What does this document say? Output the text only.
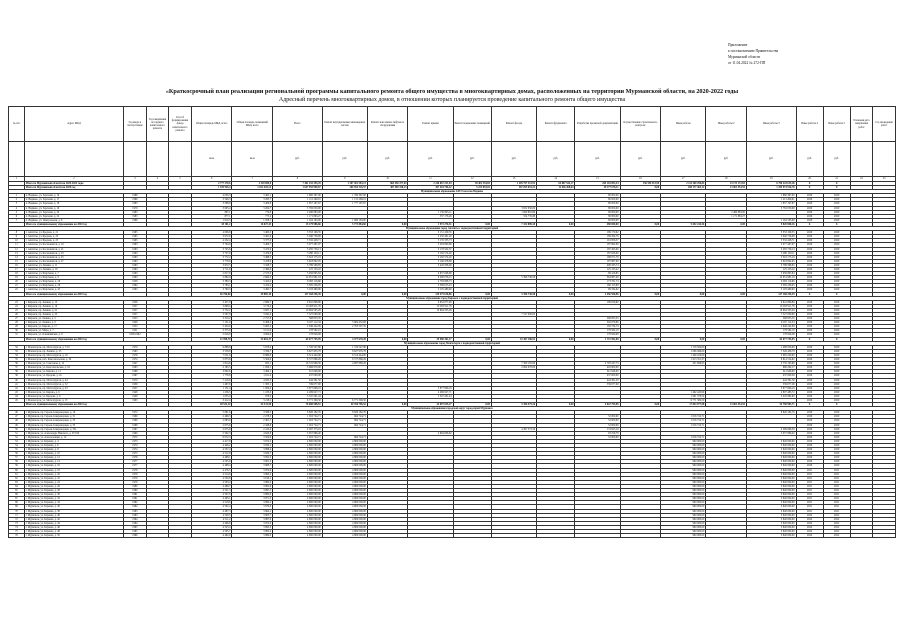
Приложение
к постановлению Правительства
Мурманской области
от 11.04.2022 № 272-ПП
«Краткосрочный план реализации региональной программы капитального ремонта общего имущества в многоквартирных домах, расположенных на территории Мурманской области, на 2020-2022 годы
Адресный перечень многоквартирных домов, в отношении которых планируется проведение капитального ремонта общего имущества
№ п/п	Адрес МКД	Год ввода в эксплуатацию	Год завершения последнего капитального ремонта	Способ формирования фонда капитального ремонта	Общая площадь МКД, всего	Общая площадь помещений МКД, всего	Всего	Ремонт внутридомовых инженерных систем	Ремонт или замена лифтового оборудования	Ремонт крыши	Ремонт подвальных помещений	Ремонт фасада	Ремонт фундамента	Разработка проектной документации	Осуществление строительного контроля	Иные работы	Иные работы 2	Иные работы 3	Иные работы 4	Иные работы 5	Плановая дата завершения работ	Год проведения работ
					кв.м	кв.м	руб.	руб.	руб.	руб.	руб.	руб.	руб.	руб.	руб.	руб.	руб.	руб.	руб.	руб.		
1	2	3	4	5	6	7	8	9	10	11	12	13	14	15	16	17	18	19	20	21	22	23
	Итого по Мурманской области на 2020-2022 годы				2 777 270,6	2 349 699,0	7 461 432 355,45	1 207 401 383,13	865 456 477,04	2 246 667 231,03	38 401 554,83	1 205 797 313,91	64 867 542,17	265 163 853,34	156 550 913,99	2 114 200 296,84	23 173 172,83	6 790 243 615,46	X	X		
	Итого по Мурманской области на 2020 год				1 109 926,4	1 022 418,14	1 647 955 990,67	266 954 316,57	487 580 358,13	457 404 796,42	5 223 853,02	267 055 691,22	12 046 268,64	29 277 076,11	0,00	208 177 465,12	13 061 554,55	1 205 974 916,76	X	X		
Муниципальное образование ЗАТО поселок Видяево																						
1	п. Видяево, ул. Заречная, д. 16	1988			4 030,3	3 465,1	1 860 367,00	1 780 367,00						80 000,00				1 860 367,00	2020	2020		
2	п. Видяево, ул. Заречная, д. 17	1986			3 546,3	3 285,7	1 211 269,01	1 131 269,01						80 000,00				1 211 269,01	2020	2020		
3	п. Видяево, ул. Заречная, д. 18	1983			3 588,9	3 406,8	1 857 197,67	1 777 197,67						80 000,00				1 857 197,67	2020	2020		
4	п. Видяево, ул. Заречная, д. 19	1979			3 605,4	3 264,7	3 782 050,00					3 652 050,00		80 000,00				3 782 050,00	2020	2020		
5	п. Видяево, ул. Заречная, д. 20	1983			867,1	776,8	2 480 883,00			1 150 995,11		1 669 881,89		80 000,00			2 480 883,00		2020	2020		
6	п. Видяево, ул. Заречная, д. 22	1983			877,1	775,2	1 171 863,27			537 176,26		554 735,88		80 000,00			1 171 863,27		2020	2020		
7	п. Видяево, ул. Центральная, д. 8	1986			1 610,3	1 058,1	1 164 163,00	1 080 163,00						80 000,00				1 164 163,00	2020	2020		
	Итого по муниципальному образованию на 2020 год				18 101,2	16 027,43	15 179 986,66	5 773 884,60	0,00	1 972 276,31	0,00	7 332 889,18	0,00	480 000,00	0,00	5 652 244,56	0,00	9 820 800,16	X	X		
Муниципальное образование город Апатиты с подведомственной территорией																						
8	г. Апатиты, ул. Бредова, д. 21	1965			4 006,8	3 460,3	3 353 109,35			3 151 109,35				199 170,62				3 353 109,35	2020	2020		
9	г. Апатиты, ул. Бредова, д. 23	1965			3 972,9	3 461,9	3 040 756,08			2 250 461,20				189 294,76				3 040 756,08	2020	2020		
10	г. Апатиты, ул. Бредова, д. 25	1965			4 232,4	3 377,0	3 332 428,71			3 135 335,73				191 856,57				3 332 428,71	2020	2020		
11	г. Апатиты, ул. Космонавтов, д. 19	1963			3 704,6	3 406,7	3 077 467,07			3 293 800,66				187 862,09				3 077 467,07	2020	2020		
12	г. Апатиты, ул. Космонавтов, д. 21	1963			3 745,6	3 475,9	3 285 756,13			3 178 502,57				187 263,00				3 285 756,13	2020	2020		
13	г. Апатиты, ул. Космонавтов, д. 23	1963			3 737,9	3 476,8	3 280 130,11			3 182 574,20				187 626,00				3 280 130,11	2020	2020		
14	г. Апатиты, ул. Космонавтов, д. 25	1963			3 772,2	3 488,5	3 318 175,19			3 182 574,20				188 071,79				3 318 175,19	2020	2020		
15	г. Апатиты, ул. Космонавтов, д. 27	1963			3 778,9	3 478,6	3 918 802,05			3 106 478,88				187 987,00				3 918 802,05	2020	2020		
16	г. Апатиты, ул. Ленина, д. 11	1963			3 672,5	3 328,7	3 789 598,95			3 420 008,09				408 433,74				3 789 598,95	2020	2020		
17	г. Апатиты, ул. Ленина, д. 19	1963			2 711,8	2 499,0	125 153,22							125 153,22				125 153,22	2020	2020		
18	г. Апатиты, ул. Ферсмана, д. 7	1963			2 817,6	2 573,0	5 056 865,84			4 957 648,69				99 416,85				5 056 865,84	2020	2020		
19	г. Апатиты, ул. Ферсмана, д. 9	1963			2 882,9	2 664,5	12 051 981,18			6 290 076,15		5 396 736,58		364 887,48				12 051 981,18	2020	2020		
20	г. Апатиты, ул. Ферсмана, д. 26	1958			3 380,3	3 422,0	6 093 116,66			4 783 808,73				173 761,74				6 093 116,66	2020	2020		
21	г. Апатиты, ул. Ферсмана, д. 28	1964			3 783,1	3 474,2	3 385 236,05			3 309 615,43				160 153,68				3 385 236,05	2020	2020		
22	г. Апатиты, ул. Ферсмана, д. 45	1963			3 760,3	3 495,7	3 193 480,90			3 105 480,90				99 334,62				3 193 480,90	2020	2020		
	Итого по муниципальному образованию на 2020 год				56 706,60	49 869,10	137 168 256,39	0,00	0,00	129 475 618,86	0,00	5 396 736,58	0,00	2 456 556,96	0,00	0,00	0,00	137 168 256,39	X	X		
Муниципальное образование город Кировск с подведомственной территорией																						
23	г. Кировск, пр. Ленина, д. 13	1956			3 457,8	2 969,7	9 841 896,89			9 652 877,99				189 029,90				9 841 896,89	2020	2020		
24	г. Кировск, пр. Ленина, д. 19	1957			3 698,4	3 176,4	10 263 911,76			10 263 911,76								10 263 911,76	2020	2020		
25	г. Кировск, пр. Ленина, д. 21	1957			3 752,2	3 067,1	10 664 505,29			10 664 505,29								10 664 505,29	2020	2020		
26	г. Кировск, пр. Ленина, д. 25	1957			3 597,8	3 042,4	7 527 000,00					7 527 000,00						7 527 000,00	2020	2020		
27	г. Кировск, ул. Ленина, д. 5	1953			3 310,2	2 727,8	568 853,35							568 853,35				568 853,35	2020	2020		
28	г. Кировск, ул. Ленина, д. 9	1949			7 131,9	6 408,2	6 167 112,34	5 864 432,68						302 679,66				6 167 112,34	2020	2020		
29	г. Кировск, ул. Кирова, д. 17	1953			5 434,9	5 065,2	2 946 242,09	2 763 507,35						182 734,74				2 946 242,09	2020	2020		
30	г. Кировск, ул. Мира, д. 7	1951			3 375,8	3 151,9	178 582,10							178 582,10				178 582,10	2020	2020		
31	г. Кировск, ул. Олимпийская, д. 8	1958-1962			5 016,9	4 004,0	178 926,08							178 926,08				178 926,08	2020	2020		
	Итого по муниципальному образованию на 2020 год				41 998,70	34 663,37	64 677 755,95	4 377 670,28	0,00	29 580 361,17	0,00	10 467 186,92	0,00	1 711 962,08	0,00	0,00	0,00	64 677 755,95	X	X		
Муниципальное образование город Мончегорск с подведомственной территорией																						
32	г. Мончегорск, пр. Металлургов, д. 7/10	1970			6 888,6	5 978,4	1 720 547,86	1 720 547,86								1 718 584,00		1 488 956,08	2020	2020		
33	г. Мончегорск, пр. Ленина, д. 25	1963			3 558,8	3 356,7	8 627 935,78	8 627 935,78								1 096 499,00		7 526 436,78	2020	2020		
34	г. Мончегорск, пр. Металлургов, д. 16	1976			7 051,6	6 980,8	6 514 444,00	6 514 444,00								1 449 224,00		5 065 220,00	2020	2020		
35	г. Мончегорск, наб. Комсомольская, д. 34	1974			5 875,6	5 504,9	8 727 866,29	8 727 866,29								1 913 351,37		6 814 514,92	2020	2020		
36	г. Мончегорск, ул. Советская, д. 12	1947			1 814,6	825,1	16 722 989,56	4 987 889,26				7 360 165,96		2 793 247,73		431 696,95		5 735 165,96	2020	2020		
37	г. Мончегорск, ул. Комсомольская, д. 18	1963			2 195,5	1 958,1	3 066 970,00					2 664 070,00		402 900,00				666 292,17	2020	2020		
38	г. Мончегорск, ул. Кирова, д. 11	1968			3 802,6	3 496,1	611 946,00							611 946,00				611 946,00	2020	2020		
39	г. Мончегорск, ул. Бредова, д. 2а	1967			1 776,8	1 611,4	437 000,00							437 000,00				437 000,00	2020	2020		
40	г. Мончегорск, пр. Металлургов, д. 44	1970			7 219,6	4 935,3	444 361,50							444 361,50				444 361,50	2020	2020		
41	г. Мончегорск, пр. Металлургов, д. 52	1939			1 467,6	1 305,1	539 677,00							539 677,00				539 677,00	2020	2020		
42	г. Мончегорск, пр. Металлургов, д. 43	1957			1 151,4	1 009,4	3 877 696,19			3 877 696,19								3 877 696,19	2020	2020		
43	г. Мончегорск, ул. Кирова, д. 9	1948			1 256,5	1 183,0	4 269 927,71			4 269 927,71						1 462 443,99		2 807 483,72	2020	2020		
44	г. Мончегорск, ул. Бредова, д. 6	1948			1 055,0	978,0	5 347 261,44			5 347 261,44						1 901 378,54		3 445 882,90	2020	2020		
45	г. Мончегорск, ул. Металлургов, д. 13	1963			3 412,4	3 218,2	6 771 309,50	6 771 309,50								6 771 309,50			2020	2020		
	Итого по муниципальному образованию на 2020 год				48 532,10	44 341,50	76 680 508,51	40 350 796,52	0,00	24 097 035,27	0,00	5 396 575,16	0,00	5 622 755,96	0,00	17 844 977,08	13 061 554,55	54 790 983,71	X	X		
Муниципальное образование городской округ город-герой Мурманск																						
46	г. Мурманск, пр. Героев-Североморцев, д. 16	1972			5 081,6	3 588,5	8 826 182,76	8 826 182,76										8 826 182,76	2020	2020		
47	г. Мурманск, пр. Героев-Североморцев, д. 31	1969			2 466,3	2 278,5	1 016 724,71	964 724,71						52 000,00		1 016 724,71			2020	2020		
48	г. Мурманск, пр. Героев-Североморцев, д. 33	1969			2 663,9	2 461,7	1 016 724,71	964 724,71						52 000,00		1 016 724,71			2020	2020		
49	г. Мурманск, пр. Героев-Североморцев, д. 35	1968			2 675,6	2 428,8	1 016 724,71	964 724,71						52 000,00		1 016 724,71			2020	2020		
50	г. Мурманск, пр. Героев-Североморцев, д. 35а	1967			2 675,9	2 413,4	4 397 373,19					4 397 373,19		174 625,19				4 569 998,38	2020	2020		
51	г. Мурманск, ул. Александра Невского, д. 97/100	1960			5 592,3	4 620,8	3 057 866,40			2 964 606,62				93 259,78				3 057 866,40	2020	2020		
52	г. Мурманск, ул. Аскольдовцев, д. 12	1972			6 072,3	3 504,9	1 016 724,71	964 724,71						52 000,00		1 016 724,71			2020	2020		
53	г. Мурманск, ул. Баренца, д. 4	1973			4 417,8	3 974,2	4 800 000,00	4 800 000,00								960 000,00		3 840 000,00	2020	2020		
54	г. Мурманск, ул. Баренца, д. 6	1974			4 446,2	3 834,1	4 800 000,00	4 800 000,00								960 000,00		3 840 000,00	2020	2020		
55	г. Мурманск, ул. Баренца, д. 8	1974			4 537,4	3 888,4	4 800 000,00	4 800 000,00								960 000,00		3 840 000,00	2020	2020		
56	г. Мурманск, ул. Баренца, д. 10	1975			4 512,8	3 926,7	4 800 000,00	4 800 000,00								960 000,00		3 840 000,00	2020	2020		
57	г. Мурманск, ул. Баренца, д. 12	1976			4 468,1	3 852,5	4 800 000,00	4 800 000,00								960 000,00		3 840 000,00	2020	2020		
58	г. Мурманск, ул. Баренца, д. 14	1977			4 525,9	3 901,3	4 800 000,00	4 800 000,00								960 000,00		3 840 000,00	2020	2020		
59	г. Мурманск, ул. Баренца, д. 16	1977			4 498,4	3 868,7	4 800 000,00	4 800 000,00								960 000,00		3 840 000,00	2020	2020		
60	г. Мурманск, ул. Баренца, д. 18	1978			4 476,5	3 874,9	4 800 000,00	4 800 000,00								960 000,00		3 840 000,00	2021	2021		
61	г. Мурманск, ул. Баренца, д. 20	1978			4 514,6	3 893,2	4 800 000,00	4 800 000,00								960 000,00		3 840 000,00	2021	2021		
62	г. Мурманск, ул. Баренца, д. 22	1979			4 530,8	3 916,1	4 800 000,00	4 800 000,00								960 000,00		3 840 000,00	2021	2021		
63	г. Мурманск, ул. Баренца, д. 24	1979			4 503,2	3 880,4	4 800 000,00	4 800 000,00								960 000,00		3 840 000,00	2021	2021		
64	г. Мурманск, ул. Баренца, д. 26	1980			4 489,7	3 862,8	4 800 000,00	4 800 000,00								960 000,00		3 840 000,00	2021	2021		
65	г. Мурманск, ул. Баренца, д. 28	1980			4 521,3	3 897,5	4 800 000,00	4 800 000,00								960 000,00		3 840 000,00	2021	2021		
66	г. Мурманск, ул. Баренца, д. 30	1981			4 507,9	3 885,6	4 800 000,00	4 800 000,00								960 000,00		3 840 000,00	2021	2021		
67	г. Мурманск, ул. Баренца, д. 32	1981			4 495,1	3 871,3	4 800 000,00	4 800 000,00								960 000,00		3 840 000,00	2021	2021		
68	г. Мурманск, ул. Баренца, д. 34	1982			4 518,6	3 890,2	4 800 000,00	4 800 000,00								960 000,00		3 840 000,00	2021	2021		
69	г. Мурманск, ул. Баренца, д. 36	1982			4 502,4	3 879,8	4 800 000,00	4 800 000,00								960 000,00		3 840 000,00	2021	2021		
70	г. Мурманск, ул. Баренца, д. 38	1983			4 487,3	3 864,1	4 800 000,00	4 800 000,00								960 000,00		3 840 000,00	2021	2021		
71	г. Мурманск, ул. Баренца, д. 40	1983			4 529,5	3 903,7	4 800 000,00	4 800 000,00								960 000,00		3 840 000,00	2022	2022		
72	г. Мурманск, ул. Баренца, д. 42	1984			4 511,2	3 887,9	4 800 000,00	4 800 000,00								960 000,00		3 840 000,00	2022	2022		
73	г. Мурманск, ул. Баренца, д. 44	1984			4 496,8	3 872,6	4 800 000,00	4 800 000,00								960 000,00		3 840 000,00	2022	2022		
74	г. Мурманск, ул. Баренца, д. 46	1985			4 523,4	3 895,3	4 800 000,00	4 800 000,00								960 000,00		3 840 000,00	2022	2022		
75	г. Мурманск, ул. Баренца, д. 48	1985			4 505,7	3 882,4	4 800 000,00	4 800 000,00								960 000,00		3 840 000,00	2022	2022		
76	г. Мурманск, ул. Баренца, д. 50	1986			4 492,9	3 869,0	4 800 000,00	4 800 000,00								960 000,00		3 840 000,00	2022	2022		
